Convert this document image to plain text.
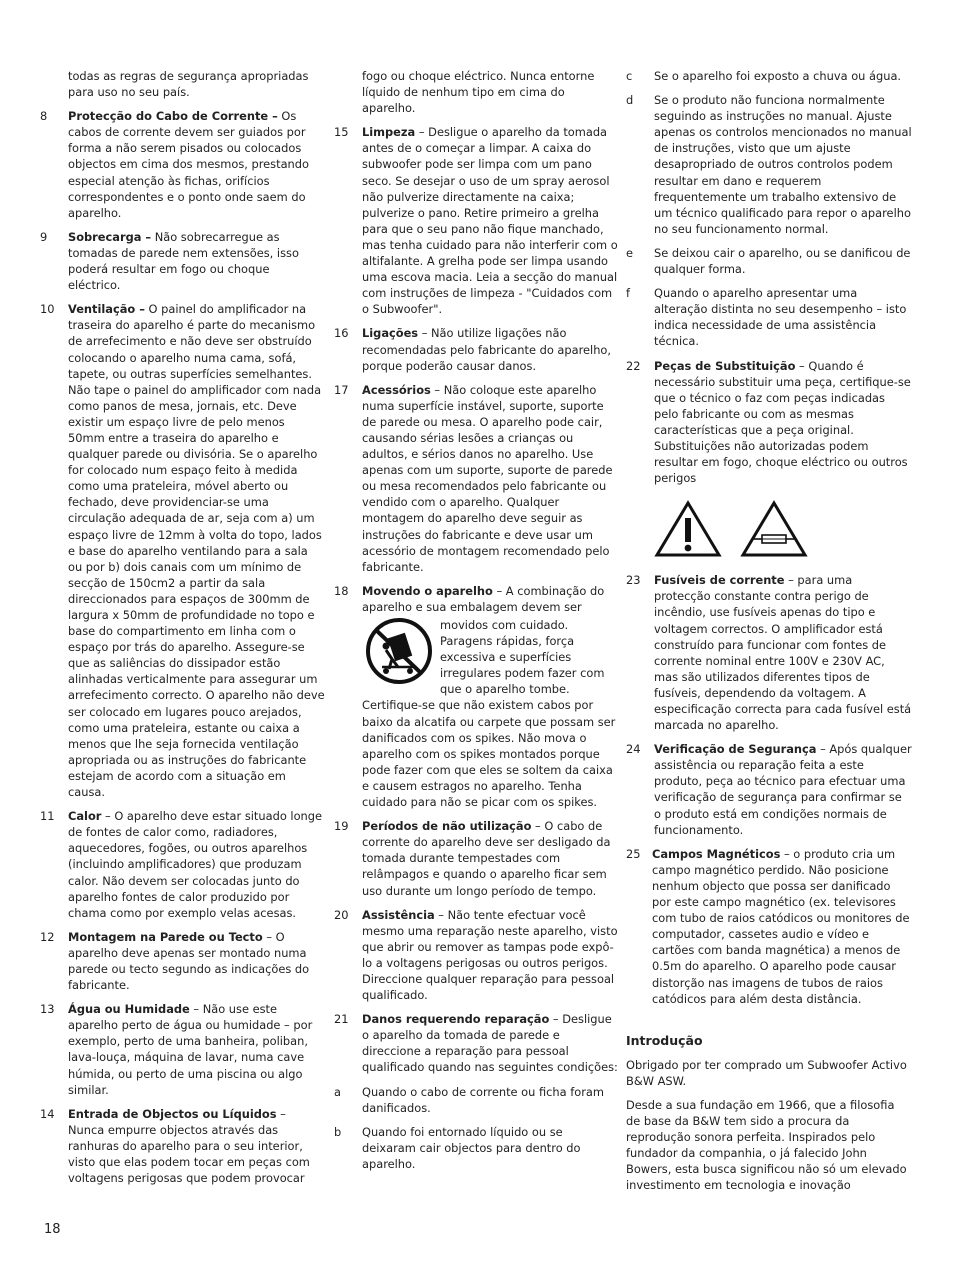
todas as regras de segurança apropriadas para uso no seu país.
8	Protecção do Cabo de Corrente – Os cabos de corrente devem ser guiados por forma a não serem pisados ou colocados objectos em cima dos mesmos, prestando especial atenção às fichas, orifícios correspondentes e o ponto onde saem do aparelho.
9	Sobrecarga – Não sobrecarregue as tomadas de parede nem extensões, isso poderá resultar em fogo ou choque eléctrico.
10	Ventilação – O painel do amplificador na traseira do aparelho é parte do mecanismo de arrefecimento e não deve ser obstruído colocando o aparelho numa cama, sofá, tapete, ou outras superfícies semelhantes. Não tape o painel do amplificador com nada como panos de mesa, jornais, etc. Deve existir um espaço livre de pelo menos 50mm entre a traseira do aparelho e qualquer parede ou divisória. Se o aparelho for colocado num espaço feito à medida como uma prateleira, móvel aberto ou fechado, deve providenciar-se uma circulação adequada de ar, seja com a) um espaço livre de 12mm à volta do topo, lados e base do aparelho ventilando para a sala ou por b) dois canais com um mínimo de secção de 150cm2 a partir da sala direccionados para espaços de 300mm de largura x 50mm de profundidade no topo e base do compartimento em linha com o espaço por trás do aparelho. Assegure-se que as saliências do dissipador estão alinhadas verticalmente para assegurar um arrefecimento correcto. O aparelho não deve ser colocado em lugares pouco arejados, como uma prateleira, estante ou caixa a menos que lhe seja fornecida ventilação apropriada ou as instruções do fabricante estejam de acordo com a situação em causa.
11	Calor – O aparelho deve estar situado longe de fontes de calor como, radiadores, aquecedores, fogões, ou outros aparelhos (incluindo amplificadores) que produzam calor. Não devem ser colocadas junto do aparelho fontes de calor produzido por chama como por exemplo velas acesas.
12	Montagem na Parede ou Tecto – O aparelho deve apenas ser montado numa parede ou tecto segundo as indicações do fabricante.
13	Água ou Humidade – Não use este aparelho perto de água ou humidade – por exemplo, perto de uma banheira, poliban, lava-louça, máquina de lavar, numa cave húmida, ou perto de uma piscina ou algo similar.
14	Entrada de Objectos ou Líquidos – Nunca empurre objectos através das ranhuras do aparelho para o seu interior, visto que elas podem tocar em peças com voltagens perigosas que podem provocar
fogo ou choque eléctrico. Nunca entorne líquido de nenhum tipo em cima do aparelho.
15	Limpeza – Desligue o aparelho da tomada antes de o começar a limpar. A caixa do subwoofer pode ser limpa com um pano seco. Se desejar o uso de um spray aerosol não pulverize directamente na caixa; pulverize o pano. Retire primeiro a grelha para que o seu pano não fique manchado, mas tenha cuidado para não interferir com o altifalante. A grelha pode ser limpa usando uma escova macia. Leia a secção do manual com instruções de limpeza - "Cuidados com o Subwoofer".
16	Ligações – Não utilize ligações não recomendadas pelo fabricante do aparelho, porque poderão causar danos.
17	Acessórios – Não coloque este aparelho numa superfície instável, suporte, suporte de parede ou mesa. O aparelho pode cair, causando sérias lesões a crianças ou adultos, e sérios danos no aparelho. Use apenas com um suporte, suporte de parede ou mesa recomendados pelo fabricante ou vendido com o aparelho. Qualquer montagem do aparelho deve seguir as instruções do fabricante e deve usar um acessório de montagem recomendado pelo fabricante.
18	Movendo o aparelho – A combinação do aparelho e sua embalagem devem ser
movidos com cuidado. Paragens rápidas, força excessiva e superfícies irregulares podem fazer com que o aparelho tombe.
Certifique-se que não existem cabos por baixo da alcatifa ou carpete que possam ser danificados com os spikes. Não mova o aparelho com os spikes montados porque pode fazer com que eles se soltem da caixa e causem estragos no aparelho. Tenha cuidado para não se picar com os spikes.
19	Períodos de não utilização – O cabo de corrente do aparelho deve ser desligado da tomada durante tempestades com relâmpagos e quando o aparelho ficar sem uso durante um longo período de tempo.
20	Assistência – Não tente efectuar você mesmo uma reparação neste aparelho, visto que abrir ou remover as tampas pode expô-lo a voltagens perigosas ou outros perigos. Direccione qualquer reparação para pessoal qualificado.
21	Danos requerendo reparação – Desligue o aparelho da tomada de parede e direccione a reparação para pessoal qualificado quando nas seguintes condições:
a	Quando o cabo de corrente ou ficha foram danificados.
b	Quando foi entornado líquido ou se deixaram cair objectos para dentro do aparelho.
c	Se o aparelho foi exposto a chuva ou água.
d	Se o produto não funciona normalmente seguindo as instruções no manual. Ajuste apenas os controlos mencionados no manual de instruções, visto que um ajuste desapropriado de outros controlos podem resultar em dano e requerem frequentemente um trabalho extensivo de um técnico qualificado para repor o aparelho no seu funcionamento normal.
e	Se deixou cair o aparelho, ou se danificou de qualquer forma.
f	Quando o aparelho apresentar uma alteração distinta no seu desempenho – isto indica necessidade de uma assistência técnica.
22	Peças de Substituição – Quando é necessário substituir uma peça, certifique-se que o técnico o faz com peças indicadas pelo fabricante ou com as mesmas características que a peça original. Substituições não autorizadas podem resultar em fogo, choque eléctrico ou outros perigos
23	Fusíveis de corrente – para uma protecção constante contra perigo de incêndio, use fusíveis apenas do tipo e voltagem correctos. O amplificador está construído para funcionar com fontes de corrente nominal entre 100V e 230V AC, mas são utilizados diferentes tipos de fusíveis, dependendo da voltagem. A especificação correcta para cada fusível está marcada no aparelho.
24	Verificação de Segurança – Após qualquer assistência ou reparação feita a este produto, peça ao técnico para efectuar uma verificação de segurança para confirmar se o produto está em condições normais de funcionamento.
25	Campos Magnéticos – o produto cria um campo magnético perdido. Não posicione nenhum objecto que possa ser danificado por este campo magnético (ex. televisores com tubo de raios catódicos ou monitores de computador, cassetes audio e vídeo e cartões com banda magnética) a menos de 0.5m do aparelho. O aparelho pode causar distorção nas imagens de tubos de raios catódicos para além desta distância.
Introdução

Obrigado por ter comprado um Subwoofer Activo B&W ASW.

Desde a sua fundação em 1966, que a filosofia de base da B&W tem sido a procura da reprodução sonora perfeita. Inspirados pelo fundador da companhia, o já falecido John Bowers, esta busca significou não só um elevado investimento em tecnologia e inovação

18
